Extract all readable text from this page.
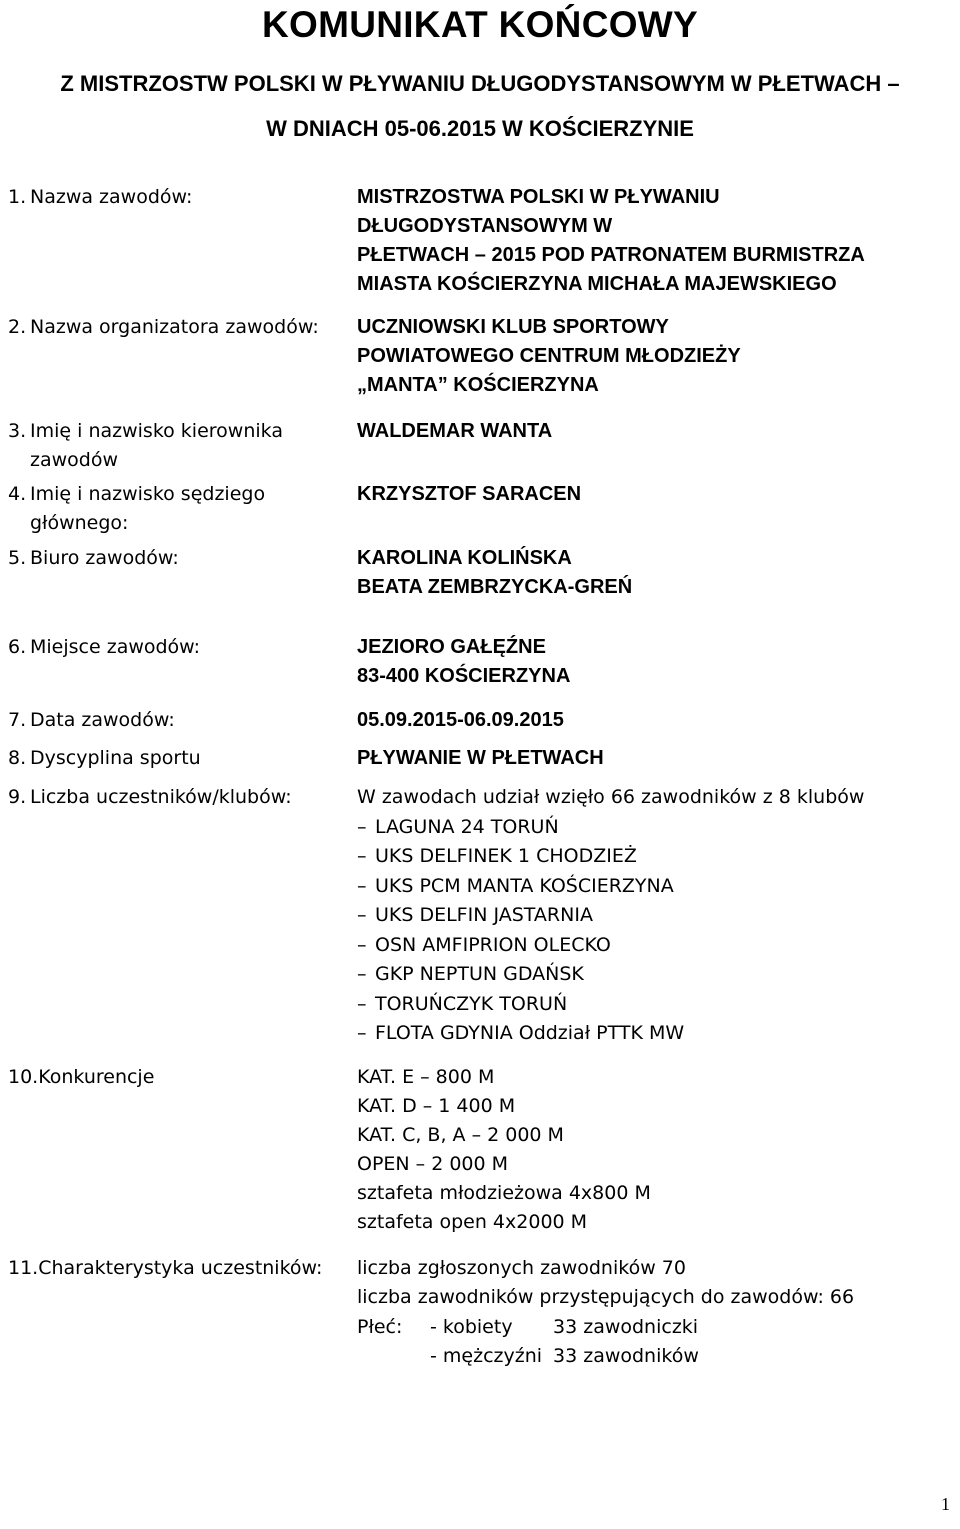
KOMUNIKAT KOŃCOWY
Z MISTRZOSTW POLSKI W PŁYWANIU DŁUGODYSTANSOWYM W PŁETWACH –
W DNIACH 05-06.2015 W KOŚCIERZYNIE
1. Nazwa zawodów:	MISTRZOSTWA POLSKI W PŁYWANIU
DŁUGODYSTANSOWYM W
PŁETWACH – 2015 POD PATRONATEM BURMISTRZA
MIASTA KOŚCIERZYNA MICHAŁA MAJEWSKIEGO
2. Nazwa organizatora zawodów: UCZNIOWSKI KLUB SPORTOWY
POWIATOWEGO CENTRUM MŁODZIEŻY
„MANTA” KOŚCIERZYNA
3. Imię i nazwisko kierownika zawodów
WALDEMAR WANTA
4. Imię i nazwisko sędziego głównego:
KRZYSZTOF SARACEN
5. Biuro zawodów:	KAROLINA KOLIŃSKA
BEATA ZEMBRZYCKA-GREŃ
6. Miejsce zawodów:	JEZIORO GAŁĘŹNE
83-400 KOŚCIERZYNA
7. Data zawodów:	05.09.2015-06.09.2015
8. Dyscyplina sportu	PŁYWANIE W PŁETWACH
9. Liczba uczestników/klubów:	W zawodach udział wzięło 66 zawodników z 8 klubów
– LAGUNA 24 TORUŃ
– UKS DELFINEK 1 CHODZIEŻ
– UKS PCM MANTA KOŚCIERZYNA
– UKS DELFIN JASTARNIA
– OSN AMFIPRION OLECKO
– GKP NEPTUN GDAŃSK
– TORUŃCZYK TORUŃ
– FLOTA GDYNIA Oddział PTTK MW
10.Konkurencje	KAT. E – 800 M
KAT. D – 1 400 M
KAT. C, B, A – 2 000 M
OPEN – 2 000 M
sztafeta młodzieżowa 4x800 M
sztafeta open 4x2000 M
11.Charakterystyka uczestników: liczba zgłoszonych zawodników 70
liczba zawodników przystępujących do zawodów: 66
Płeć: - kobiety 33 zawodniczki
- mężczyźni 33 zawodników
1
